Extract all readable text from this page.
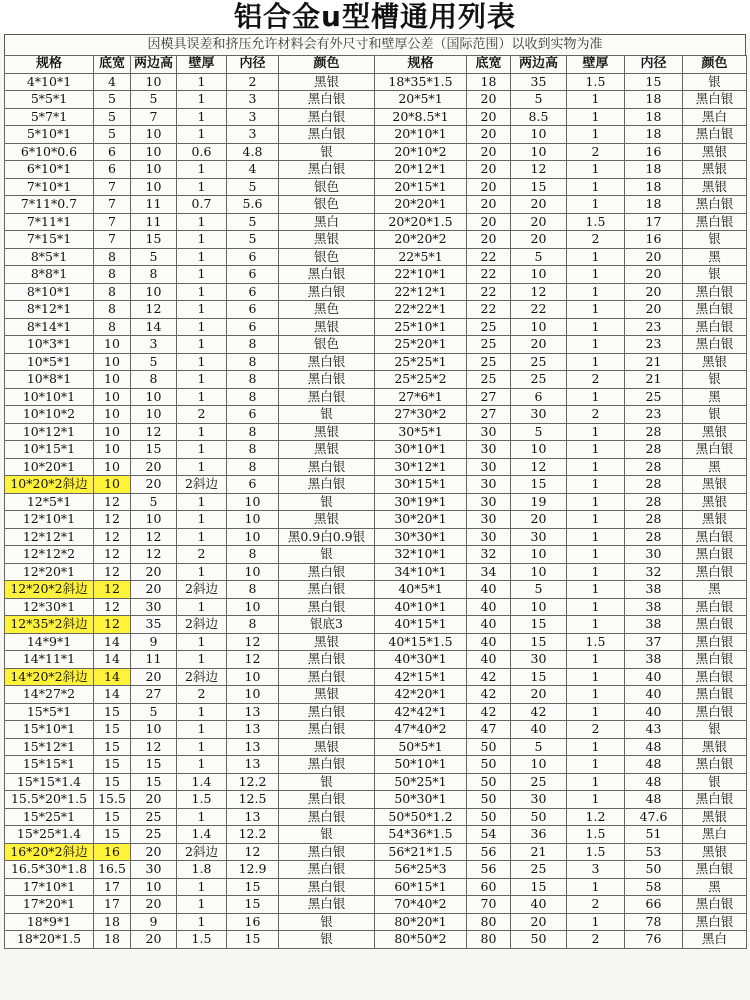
铝合金u型槽通用列表
因模具误差和挤压允许材料会有外尺寸和壁厚公差（国际范围）以收到实物为准
规格	底宽	两边高	壁厚	内径	颜色	规格	底宽	两边高	壁厚	内径	颜色
4*10*1	4	10	1	2	黑银	18*35*1.5	18	35	1.5	15	银
5*5*1	5	5	1	3	黑白银	20*5*1	20	5	1	18	黑白银
5*7*1	5	7	1	3	黑白银	20*8.5*1	20	8.5	1	18	黑白
5*10*1	5	10	1	3	黑白银	20*10*1	20	10	1	18	黑白银
6*10*0.6	6	10	0.6	4.8	银	20*10*2	20	10	2	16	黑银
6*10*1	6	10	1	4	黑白银	20*12*1	20	12	1	18	黑银
7*10*1	7	10	1	5	银色	20*15*1	20	15	1	18	黑银
7*11*0.7	7	11	0.7	5.6	银色	20*20*1	20	20	1	18	黑白银
7*11*1	7	11	1	5	黑白	20*20*1.5	20	20	1.5	17	黑白银
7*15*1	7	15	1	5	黑银	20*20*2	20	20	2	16	银
8*5*1	8	5	1	6	银色	22*5*1	22	5	1	20	黑
8*8*1	8	8	1	6	黑白银	22*10*1	22	10	1	20	银
8*10*1	8	10	1	6	黑白银	22*12*1	22	12	1	20	黑白银
8*12*1	8	12	1	6	黑色	22*22*1	22	22	1	20	黑白银
8*14*1	8	14	1	6	黑银	25*10*1	25	10	1	23	黑白银
10*3*1	10	3	1	8	银色	25*20*1	25	20	1	23	黑白银
10*5*1	10	5	1	8	黑白银	25*25*1	25	25	1	21	黑银
10*8*1	10	8	1	8	黑白银	25*25*2	25	25	2	21	银
10*10*1	10	10	1	8	黑白银	27*6*1	27	6	1	25	黑
10*10*2	10	10	2	6	银	27*30*2	27	30	2	23	银
10*12*1	10	12	1	8	黑银	30*5*1	30	5	1	28	黑银
10*15*1	10	15	1	8	黑银	30*10*1	30	10	1	28	黑白银
10*20*1	10	20	1	8	黑白银	30*12*1	30	12	1	28	黑
10*20*2斜边	10	20	2斜边	6	黑白银	30*15*1	30	15	1	28	黑银
12*5*1	12	5	1	10	银	30*19*1	30	19	1	28	黑银
12*10*1	12	10	1	10	黑银	30*20*1	30	20	1	28	黑银
12*12*1	12	12	1	10	黑0.9白0.9银	30*30*1	30	30	1	28	黑白银
12*12*2	12	12	2	8	银	32*10*1	32	10	1	30	黑白银
12*20*1	12	20	1	10	黑白银	34*10*1	34	10	1	32	黑白银
12*20*2斜边	12	20	2斜边	8	黑白银	40*5*1	40	5	1	38	黑
12*30*1	12	30	1	10	黑白银	40*10*1	40	10	1	38	黑白银
12*35*2斜边	12	35	2斜边	8	银底3	40*15*1	40	15	1	38	黑白银
14*9*1	14	9	1	12	黑银	40*15*1.5	40	15	1.5	37	黑白银
14*11*1	14	11	1	12	黑白银	40*30*1	40	30	1	38	黑白银
14*20*2斜边	14	20	2斜边	10	黑白银	42*15*1	42	15	1	40	黑白银
14*27*2	14	27	2	10	黑银	42*20*1	42	20	1	40	黑白银
15*5*1	15	5	1	13	黑白银	42*42*1	42	42	1	40	黑白银
15*10*1	15	10	1	13	黑白银	47*40*2	47	40	2	43	银
15*12*1	15	12	1	13	黑银	50*5*1	50	5	1	48	黑银
15*15*1	15	15	1	13	黑白银	50*10*1	50	10	1	48	黑白银
15*15*1.4	15	15	1.4	12.2	银	50*25*1	50	25	1	48	银
15.5*20*1.5	15.5	20	1.5	12.5	黑白银	50*30*1	50	30	1	48	黑白银
15*25*1	15	25	1	13	黑白银	50*50*1.2	50	50	1.2	47.6	黑银
15*25*1.4	15	25	1.4	12.2	银	54*36*1.5	54	36	1.5	51	黑白
16*20*2斜边	16	20	2斜边	12	黑白银	56*21*1.5	56	21	1.5	53	黑银
16.5*30*1.8	16.5	30	1.8	12.9	黑白银	56*25*3	56	25	3	50	黑白银
17*10*1	17	10	1	15	黑白银	60*15*1	60	15	1	58	黑
17*20*1	17	20	1	15	黑白银	70*40*2	70	40	2	66	黑白银
18*9*1	18	9	1	16	银	80*20*1	80	20	1	78	黑白银
18*20*1.5	18	20	1.5	15	银	80*50*2	80	50	2	76	黑白
